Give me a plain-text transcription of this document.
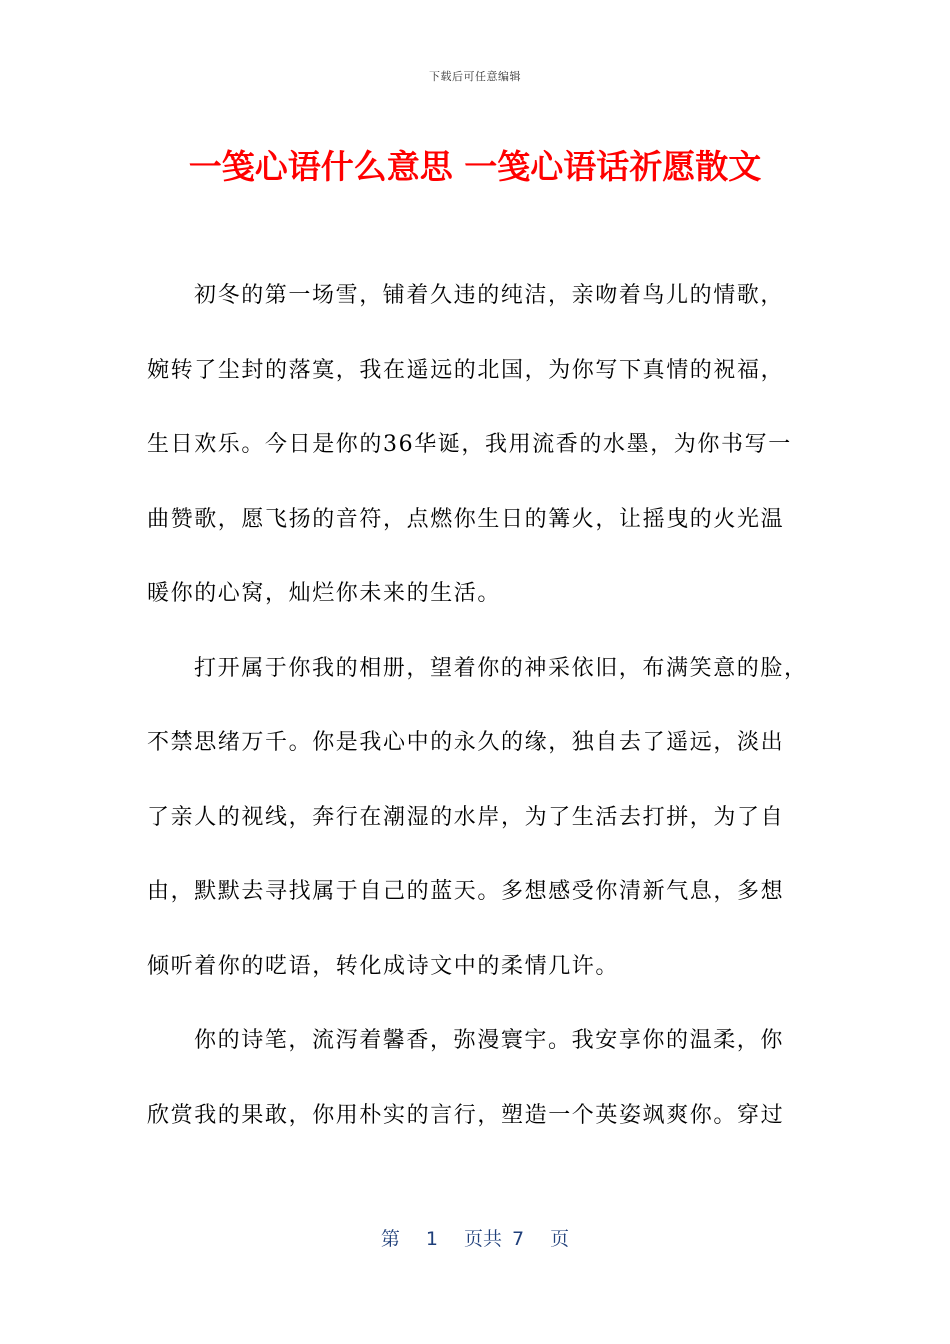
下载后可任意编辑
一笺心语什么意思 一笺心语话祈愿散文
初冬的第一场雪，铺着久违的纯洁，亲吻着鸟儿的情歌，
婉转了尘封的落寞，我在遥远的北国，为你写下真情的祝福，
生日欢乐。今日是你的36华诞，我用流香的水墨，为你书写一
曲赞歌，愿飞扬的音符，点燃你生日的篝火，让摇曳的火光温
暖你的心窝，灿烂你未来的生活。
打开属于你我的相册，望着你的神采依旧，布满笑意的脸，
不禁思绪万千。你是我心中的永久的缘，独自去了遥远，淡出
了亲人的视线，奔行在潮湿的水岸，为了生活去打拼，为了自
由，默默去寻找属于自己的蓝天。多想感受你清新气息，多想
倾听着你的呓语，转化成诗文中的柔情几许。
你的诗笔，流泻着馨香，弥漫寰宇。我安享你的温柔，你
欣赏我的果敢，你用朴实的言行，塑造一个英姿飒爽你。穿过
第 1 页共 7 页
